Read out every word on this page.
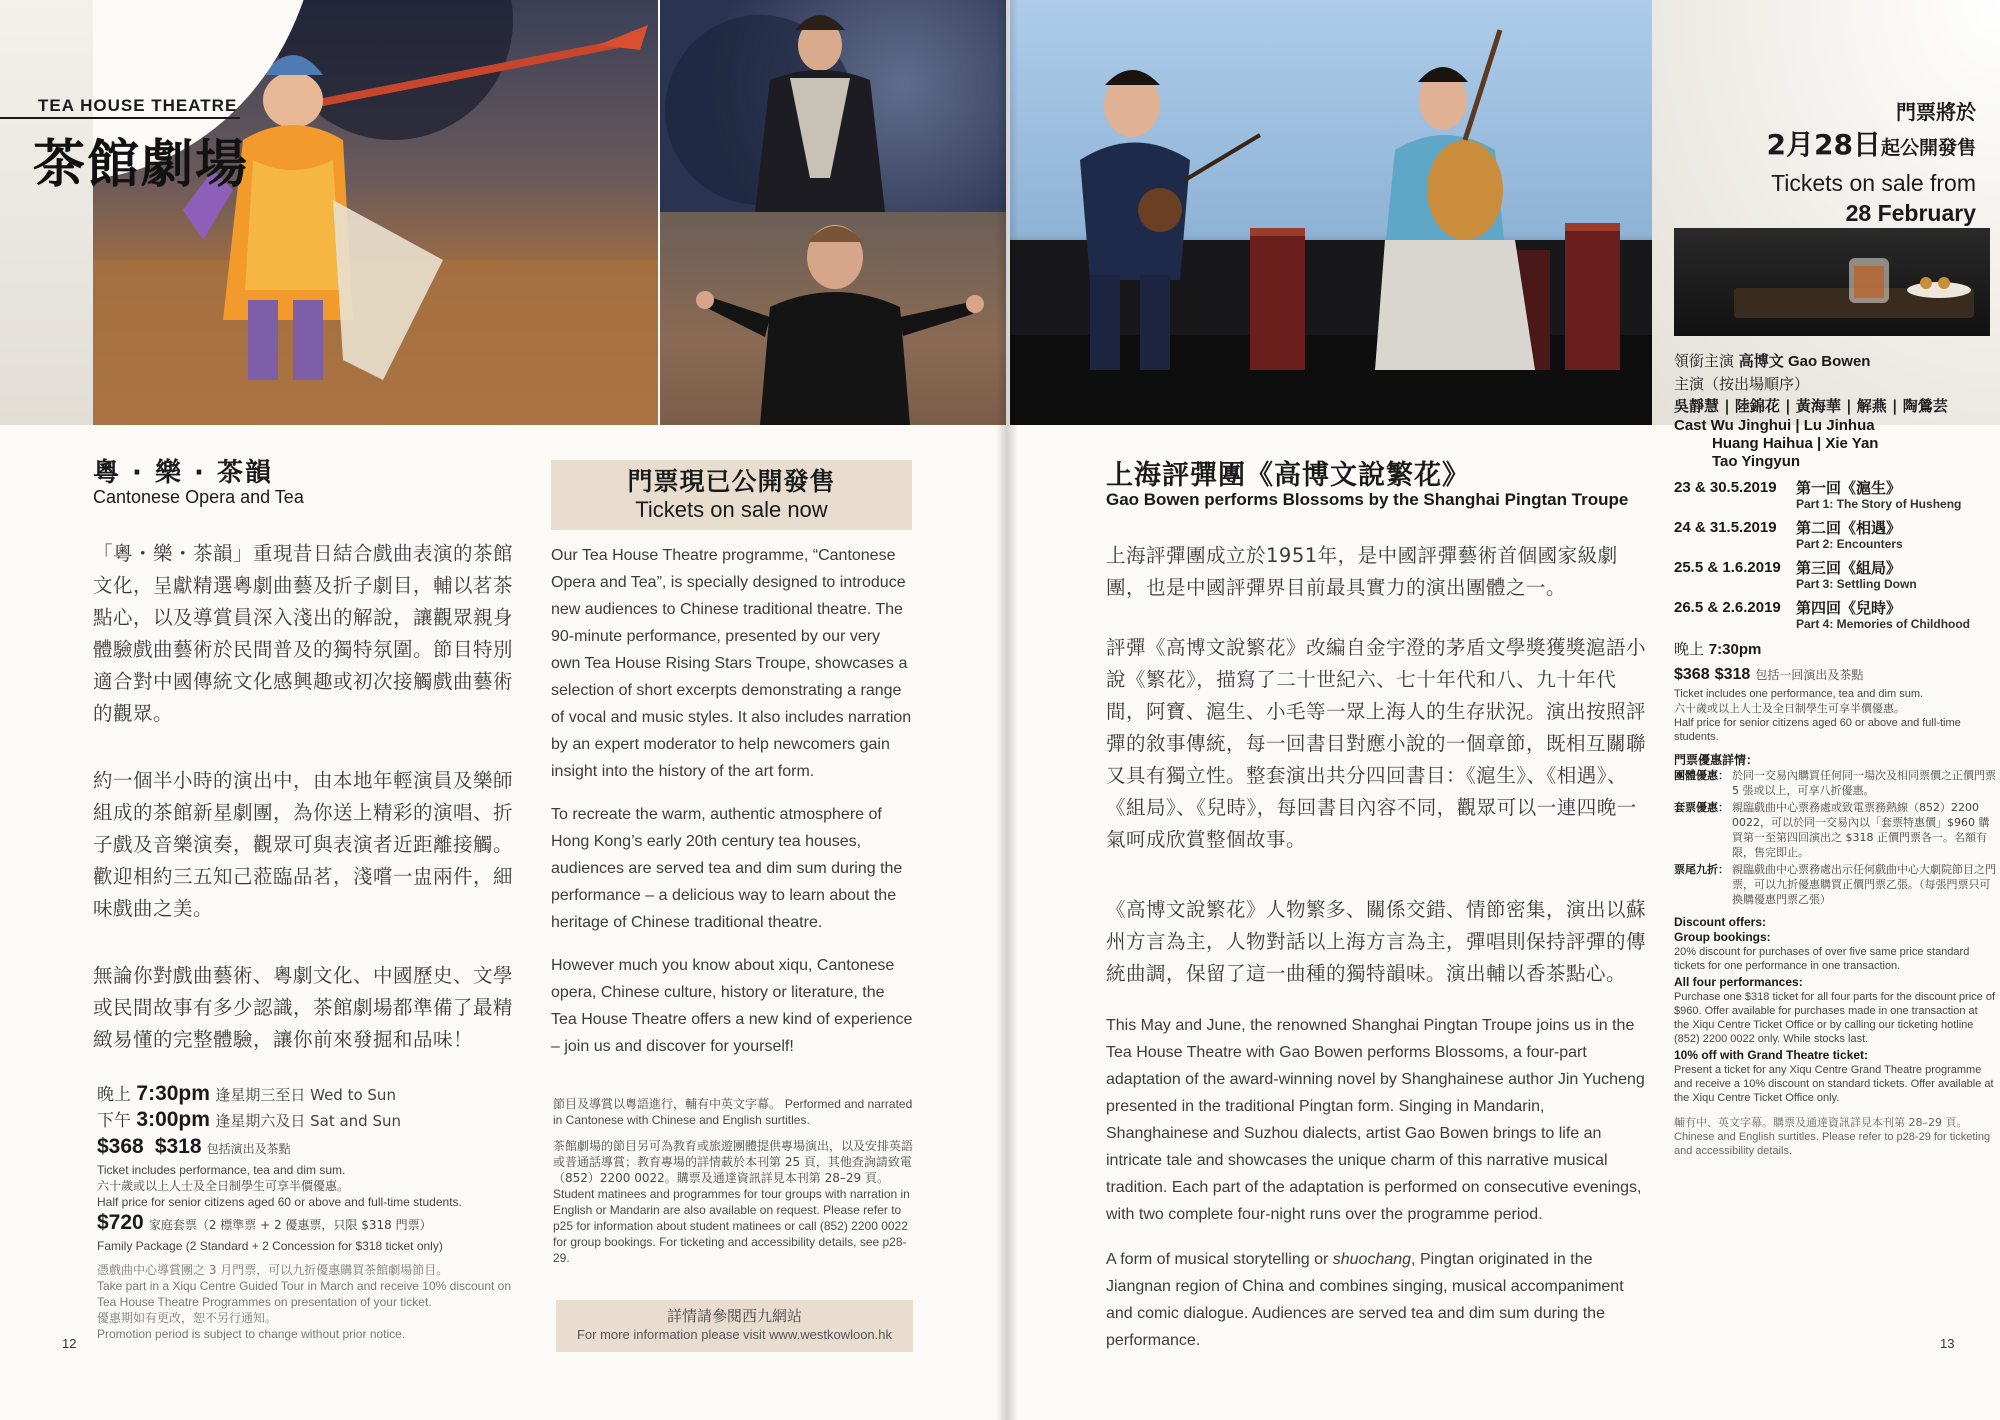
TEA HOUSE THEATRE
茶館劇場
粵 · 樂 · 茶韻
Cantonese Opera and Tea
「粵・樂・茶韻」重現昔日結合戲曲表演的茶館文化，呈獻精選粵劇曲藝及折子劇目，輔以茗茶點心，以及導賞員深入淺出的解說，讓觀眾親身體驗戲曲藝術於民間普及的獨特氛圍。節目特別適合對中國傳統文化感興趣或初次接觸戲曲藝術的觀眾。
約一個半小時的演出中，由本地年輕演員及樂師組成的茶館新星劇團，為你送上精彩的演唱、折子戲及音樂演奏，觀眾可與表演者近距離接觸。歡迎相約三五知己蒞臨品茗，淺嚐一盅兩件，細味戲曲之美。
無論你對戲曲藝術、粵劇文化、中國歷史、文學或民間故事有多少認識，茶館劇場都準備了最精緻易懂的完整體驗，讓你前來發掘和品味！
晚上 7:30pm 逢星期三至日 Wed to Sun
下午 3:00pm 逢星期六及日 Sat and Sun
$368 $318 包括演出及茶點
Ticket includes performance, tea and dim sum.
六十歲或以上人士及全日制學生可享半價優惠。
Half price for senior citizens aged 60 or above and full-time students.
$720 家庭套票（2 標準票 + 2 優惠票，只限 $318 門票）
Family Package (2 Standard + 2 Concession for $318 ticket only)
憑戲曲中心導賞團之 3 月門票，可以九折優惠購買茶館劇場節目。
Take part in a Xiqu Centre Guided Tour in March and receive 10% discount on
Tea House Theatre Programmes on presentation of your ticket.
優惠期如有更改，恕不另行通知。
Promotion period is subject to change without prior notice.
12
門票現已公開發售
Tickets on sale now
Our Tea House Theatre programme, “Cantonese Opera and Tea”, is specially designed to introduce new audiences to Chinese traditional theatre. The 90-minute performance, presented by our very own Tea House Rising Stars Troupe, showcases a selection of short excerpts demonstrating a range of vocal and music styles. It also includes narration by an expert moderator to help newcomers gain insight into the history of the art form.
To recreate the warm, authentic atmosphere of Hong Kong’s early 20th century tea houses, audiences are served tea and dim sum during the performance – a delicious way to learn about the heritage of Chinese traditional theatre.
However much you know about xiqu, Cantonese opera, Chinese culture, history or literature, the Tea House Theatre offers a new kind of experience – join us and discover for yourself!
節目及導賞以粵語進行，輔有中英文字幕。 Performed and narrated in Cantonese with Chinese and English surtitles.
茶館劇場的節目另可為教育或旅遊團體提供專場演出，以及安排英語或普通話導賞；教育專場的詳情載於本刊第 25 頁，其他查詢請致電（852）2200 0022。購票及通達資訊詳見本刊第 28–29 頁。 Student matinees and programmes for tour groups with narration in English or Mandarin are also available on request. Please refer to p25 for information about student matinees or call (852) 2200 0022 for group bookings. For ticketing and accessibility details, see p28-29.
詳情請參閱西九網站
For more information please visit www.westkowloon.hk
門票將於
2月28日起公開發售
Tickets on sale from
28 February
上海評彈團《高博文說繁花》
Gao Bowen performs Blossoms by the Shanghai Pingtan Troupe
上海評彈團成立於1951年，是中國評彈藝術首個國家級劇團，也是中國評彈界目前最具實力的演出團體之一。
評彈《高博文說繁花》改編自金宇澄的茅盾文學獎獲獎滬語小說《繁花》，描寫了二十世紀六、七十年代和八、九十年代間，阿寶、滬生、小毛等一眾上海人的生存狀況。演出按照評彈的敘事傳統，每一回書目對應小說的一個章節，既相互關聯又具有獨立性。整套演出共分四回書目：《滬生》、《相遇》、《組局》、《兒時》，每回書目內容不同，觀眾可以一連四晚一氣呵成欣賞整個故事。
《高博文說繁花》人物繁多、關係交錯、情節密集，演出以蘇州方言為主，人物對話以上海方言為主，彈唱則保持評彈的傳統曲調，保留了這一曲種的獨特韻味。演出輔以香茶點心。
This May and June, the renowned Shanghai Pingtan Troupe joins us in the Tea House Theatre with Gao Bowen performs Blossoms, a four-part adaptation of the award-winning novel by Shanghainese author Jin Yucheng presented in the traditional Pingtan form. Singing in Mandarin, Shanghainese and Suzhou dialects, artist Gao Bowen brings to life an intricate tale and showcases the unique charm of this narrative musical tradition. Each part of the adaptation is performed on consecutive evenings, with two complete four-night runs over the programme period.
A form of musical storytelling or shuochang, Pingtan originated in the Jiangnan region of China and combines singing, musical accompaniment and comic dialogue. Audiences are served tea and dim sum during the performance.
領銜主演 高博文 Gao Bowen
主演（按出場順序）
吳靜慧 | 陸錦花 | 黃海華 | 解燕 | 陶鶯芸
Cast Wu Jinghui | Lu Jinhua
Huang Haihua | Xie Yan
Tao Yingyun
23 & 30.5.2019 第一回《滬生》
Part 1: The Story of Husheng
24 & 31.5.2019 第二回《相遇》
Part 2: Encounters
25.5 & 1.6.2019 第三回《組局》
Part 3: Settling Down
26.5 & 2.6.2019 第四回《兒時》
Part 4: Memories of Childhood
晚上 7:30pm
$368 $318 包括一回演出及茶點
Ticket includes one performance, tea and dim sum.
六十歲或以上人士及全日制學生可享半價優惠。
Half price for senior citizens aged 60 or above and full-time students.
門票優惠詳情：
團體優惠： 於同一交易內購買任何同一場次及相同票價之正價門票 5 張或以上，可享八折優惠。
套票優惠： 親臨戲曲中心票務處或致電票務熱線（852）2200 0022，可以於同一交易內以「套票特惠價」$960 購買第一至第四回演出之 $318 正價門票各一。名額有限，售完即止。
票尾九折： 親臨戲曲中心票務處出示任何戲曲中心大劇院節目之門票，可以九折優惠購買正價門票乙張。（每張門票只可換購優惠門票乙張）
Discount offers:
Group bookings:
20% discount for purchases of over five same price standard tickets for one performance in one transaction.
All four performances:
Purchase one $318 ticket for all four parts for the discount price of $960. Offer available for purchases made in one transaction at the Xiqu Centre Ticket Office or by calling our ticketing hotline (852) 2200 0022 only. While stocks last.
10% off with Grand Theatre ticket:
Present a ticket for any Xiqu Centre Grand Theatre programme and receive a 10% discount on standard tickets. Offer available at the Xiqu Centre Ticket Office only.
輔有中、英文字幕。購票及通達資訊詳見本刊第 28–29 頁。
Chinese and English surtitles. Please refer to p28-29 for ticketing and accessibility details.
13
